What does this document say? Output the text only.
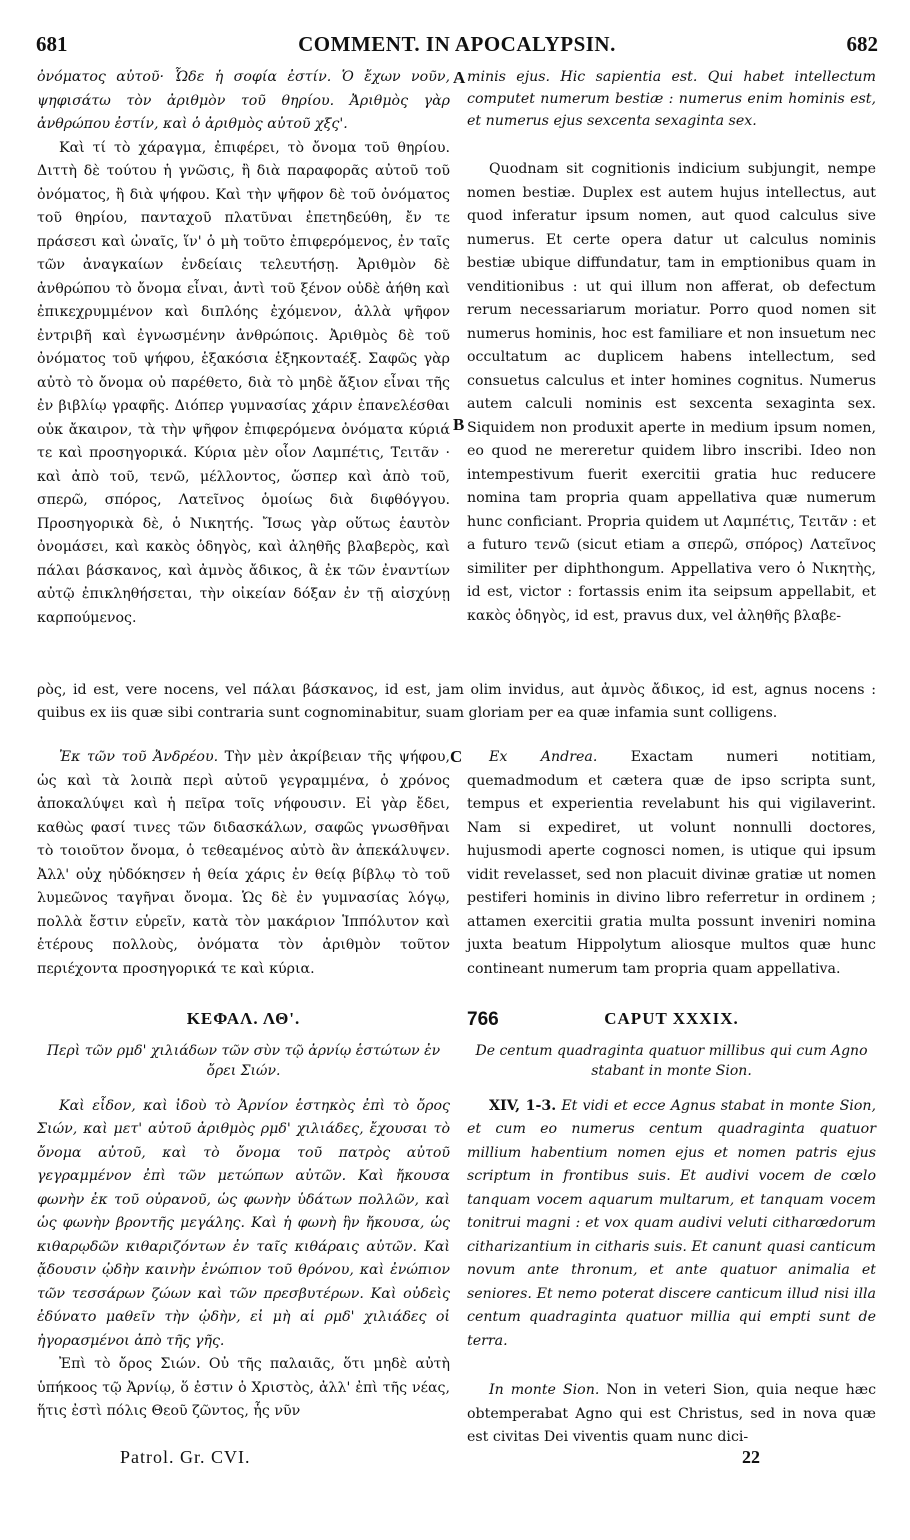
681	COMMENT. IN APOCALYPSIN.	682

ὀνόματος αὐτοῦ· Ὧδε ἡ σοφία ἐστίν. Ὁ ἔχων νοῦν, ψηφισάτω τὸν ἀριθμὸν τοῦ θηρίου. Ἀριθμὸς γὰρ ἀνθρώπου ἐστίν, καὶ ὁ ἀριθμὸς αὐτοῦ χξς'.

Καὶ τί τὸ χάραγμα, ἐπιφέρει, τὸ ὄνομα τοῦ θηρίου. Διττὴ δὲ τούτου ἡ γνῶσις, ἢ διὰ παραφορᾶς αὐτοῦ τοῦ ὀνόματος, ἢ διὰ ψήφου. Καὶ τὴν ψῆφον δὲ τοῦ ὀνόματος τοῦ θηρίου, πανταχοῦ πλατῦναι ἐπετηδεύθη, ἔν τε πράσεσι καὶ ὠναῖς, ἵν' ὁ μὴ τοῦτο ἐπιφερόμενος, ἐν ταῖς τῶν ἀναγκαίων ἐνδείαις τελευτήσῃ. Ἀριθμὸν δὲ ἀνθρώπου τὸ ὄνομα εἶναι, ἀντὶ τοῦ ξένον οὐδὲ ἀήθη καὶ ἐπικεχρυμμένον καὶ διπλόης ἐχόμενον, ἀλλὰ ψῆφον ἐντριβῆ καὶ ἐγνωσμένην ἀνθρώποις. Ἀριθμὸς δὲ τοῦ ὀνόματος τοῦ ψήφου, ἑξακόσια ἑξηκονταέξ. Σαφῶς γὰρ αὐτὸ τὸ ὄνομα οὐ παρέθετο, διὰ τὸ μηδὲ ἄξιον εἶναι τῆς ἐν βιβλίῳ γραφῆς. Διόπερ γυμνασίας χάριν ἐπανελέσθαι οὐκ ἄκαιρον, τὰ τὴν ψῆφον ἐπιφερόμενα ὀνόματα κύριά τε καὶ προσηγορικά. Κύρια μὲν οἷον Λαμπέτις, Τειτᾶν · καὶ ἀπὸ τοῦ, τενῶ, μέλλοντος, ὥσπερ καὶ ἀπὸ τοῦ, σπερῶ, σπόρος, Λατεῖνος ὁμοίως διὰ διφθόγγου. Προσηγορικὰ δὲ, ὁ Νικητής. Ἴσως γὰρ οὕτως ἑαυτὸν ὀνομάσει, καὶ κακὸς ὁδηγὸς, καὶ ἀληθῆς βλαβερὸς, καὶ πάλαι βάσκανος, καὶ ἀμνὸς ἄδικος, ἃ ἐκ τῶν ἐναντίων αὐτῷ ἐπικληθήσεται, τὴν οἰκείαν δόξαν ἐν τῇ αἰσχύνῃ καρπούμενος.

minis ejus. Hic sapientia est. Qui habet intellectum computet numerum bestiæ : numerus enim hominis est, et numerus ejus sexcenta sexaginta sex.

Quodnam sit cognitionis indicium subjungit, nempe nomen bestiæ. Duplex est autem hujus intellectus, aut quod inferatur ipsum nomen, aut quod calculus sive numerus. Et certe opera datur ut calculus nominis bestiæ ubique diffundatur, tam in emptionibus quam in venditionibus : ut qui illum non afferat, ob defectum rerum necessariarum moriatur. Porro quod nomen sit numerus hominis, hoc est familiare et non insuetum nec occultatum ac duplicem habens intellectum, sed consuetus calculus et inter homines cognitus. Numerus autem calculi nominis est sexcenta sexaginta sex. Siquidem non produxit aperte in medium ipsum nomen, eo quod ne mereretur quidem libro inscribi. Ideo non intempestivum fuerit exercitii gratia huc reducere nomina tam propria quam appellativa quæ numerum hunc conficiant. Propria quidem ut Λαμπέτις, Τειτᾶν : et a futuro τενῶ (sicut etiam a σπερῶ, σπόρος) Λατεῖνος similiter per diphthongum. Appellativa vero ὁ Νικητὴς, id est, victor : fortassis enim ita seipsum appellabit, et κακὸς ὁδηγὸς, id est, pravus dux, vel ἀληθῆς βλαβε-

A
B
ρὸς, id est, vere nocens, vel πάλαι βάσκανος, id est, jam olim invidus, aut ἀμνὸς ἄδικος, id est, agnus nocens : quibus ex iis quæ sibi contraria sunt cognominabitur, suam gloriam per ea quæ infamia sunt colligens.

Ἐκ τῶν τοῦ Ἀνδρέου. Τὴν μὲν ἀκρίβειαν τῆς ψήφου, ὡς καὶ τὰ λοιπὰ περὶ αὐτοῦ γεγραμμένα, ὁ χρόνος ἀποκαλύψει καὶ ἡ πεῖρα τοῖς νήφουσιν. Εἰ γὰρ ἔδει, καθὼς φασί τινες τῶν διδασκάλων, σαφῶς γνωσθῆναι τὸ τοιοῦτον ὄνομα, ὁ τεθεαμένος αὐτὸ ἂν ἀπεκάλυψεν. Ἀλλ' οὐχ ηὐδόκησεν ἡ θεία χάρις ἐν θείᾳ βίβλῳ τὸ τοῦ λυμεῶνος ταγῆναι ὄνομα. Ὡς δὲ ἐν γυμνασίας λόγῳ, πολλὰ ἔστιν εὑρεῖν, κατὰ τὸν μακάριον Ἱππόλυτον καὶ ἑτέρους πολλοὺς, ὀνόματα τὸν ἀριθμὸν τοῦτον περιέχοντα προσηγορικά τε καὶ κύρια.

ΚΕΦΑΛ. ΛΘ'.

Περὶ τῶν ρμδ' χιλιάδων τῶν σὺν τῷ ἀρνίῳ ἑστώτων ἐν ὄρει Σιών.

Καὶ εἶδον, καὶ ἰδοὺ τὸ Ἀρνίον ἑστηκὸς ἐπὶ τὸ ὄρος Σιών, καὶ μετ' αὐτοῦ ἀριθμὸς ρμδ' χιλιάδες, ἔχουσαι τὸ ὄνομα αὐτοῦ, καὶ τὸ ὄνομα τοῦ πατρὸς αὐτοῦ γεγραμμένον ἐπὶ τῶν μετώπων αὐτῶν. Καὶ ἤκουσα φωνὴν ἐκ τοῦ οὐρανοῦ, ὡς φωνὴν ὑδάτων πολλῶν, καὶ ὡς φωνὴν βροντῆς μεγάλης. Καὶ ἡ φωνὴ ἣν ἤκουσα, ὡς κιθαρῳδῶν κιθαριζόντων ἐν ταῖς κιθάραις αὐτῶν. Καὶ ᾄδουσιν ᾠδὴν καινὴν ἐνώπιον τοῦ θρόνου, καὶ ἐνώπιον τῶν τεσσάρων ζώων καὶ τῶν πρεσβυτέρων. Καὶ οὐδεὶς ἐδύνατο μαθεῖν τὴν ᾠδὴν, εἰ μὴ αἱ ρμδ' χιλιάδες οἱ ἠγορασμένοι ἀπὸ τῆς γῆς.

Ἐπὶ τὸ ὄρος Σιών. Οὐ τῆς παλαιᾶς, ὅτι μηδὲ αὐτὴ ὑπήκοος τῷ Ἀρνίῳ, ὅ ἐστιν ὁ Χριστὸς, ἀλλ' ἐπὶ τῆς νέας, ἥτις ἐστὶ πόλις Θεοῦ ζῶντος, ἧς νῦν

Ex Andrea. Exactam numeri notitiam, quemadmodum et cætera quæ de ipso scripta sunt, tempus et experientia revelabunt his qui vigilaverint. Nam si expediret, ut volunt nonnulli doctores, hujusmodi aperte cognosci nomen, is utique qui ipsum vidit revelasset, sed non placuit divinæ gratiæ ut nomen pestiferi hominis in divino libro referretur in ordinem ; attamen exercitii gratia multa possunt inveniri nomina juxta beatum Hippolytum aliosque multos quæ hunc contineant numerum tam propria quam appellativa.

CAPUT XXXIX.

De centum quadraginta quatuor millibus qui cum Agno stabant in monte Sion.

XIV, 1-3. Et vidi et ecce Agnus stabat in monte Sion, et cum eo numerus centum quadraginta quatuor millium habentium nomen ejus et nomen patris ejus scriptum in frontibus suis. Et audivi vocem de cœlo tanquam vocem aquarum multarum, et tanquam vocem tonitrui magni : et vox quam audivi veluti citharœdorum citharizantium in citharis suis. Et canunt quasi canticum novum ante thronum, et ante quatuor animalia et seniores. Et nemo poterat discere canticum illud nisi illa centum quadraginta quatuor millia qui empti sunt de terra.

In monte Sion. Non in veteri Sion, quia neque hæc obtemperabat Agno qui est Christus, sed in nova quæ est civitas Dei viventis quam nunc dici-

C
766
Patrol. Gr. CVI.	22
